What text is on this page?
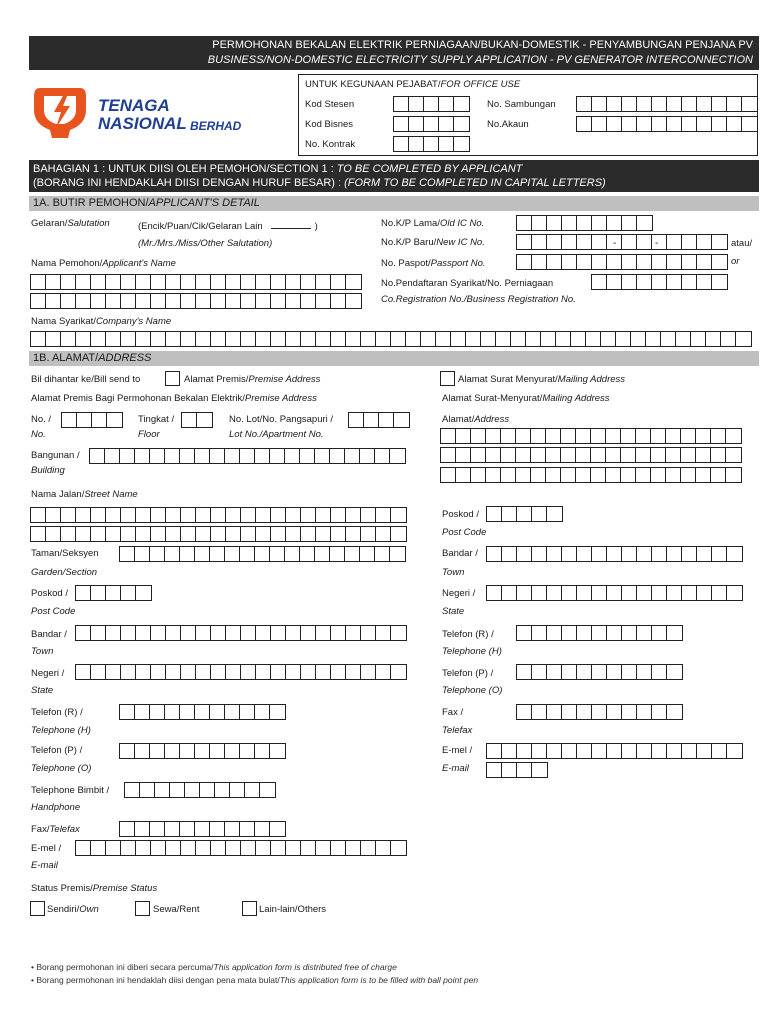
PERMOHONAN BEKALAN ELEKTRIK PERNIAGAAN/BUKAN-DOMESTIK - PENYAMBUNGAN PENJANA PV
BUSINESS/NON-DOMESTIC ELECTRICITY SUPPLY APPLICATION - PV GENERATOR INTERCONNECTION
TENAGA
NASIONAL BERHAD
UNTUK KEGUNAAN PEJABAT/FOR OFFICE USE
Kod Stesen
Kod Bisnes
No. Kontrak
No. Sambungan
No.Akaun
BAHAGIAN 1 : UNTUK DIISI OLEH PEMOHON/SECTION 1 : TO BE COMPLETED BY APPLICANT
(BORANG INI HENDAKLAH DIISI DENGAN HURUF BESAR) : (FORM TO BE COMPLETED IN CAPITAL LETTERS)
1A. BUTIR PEMOHON/APPLICANT'S DETAIL
Gelaran/Salutation	(Encik/Puan/Cik/Gelaran Lain	)
(Mr./Mrs./Miss/Other Salutation)
Nama Pemohon/Applicant's Name
No.K/P Lama/Old IC No.
No.K/P Baru/New IC No.	-	-	atau/
No. Paspot/Passport No.	or
No.Pendaftaran Syarikat/No. Perniagaan
Co.Registration No./Business Registration No.
Nama Syarikat/Company's Name
1B. ALAMAT/ADDRESS
Bil dihantar ke/Bill send to	Alamat Premis/Premise Address	Alamat Surat Menyurat/Mailing Address
Alamat Premis Bagi Permohonan Bekalan Elektrik/Premise Address	Alamat Surat-Menyurat/Mailing Address
No. /
No.
Tingkat /
Floor
No. Lot/No. Pangsapuri /
Lot No./Apartment No.
Alamat/Address
Bangunan /
Building
Nama Jalan/Street Name
Poskod /
Post Code
Taman/Seksyen
Garden/Section
Bandar /
Town
Poskod /
Post Code
Negeri /
State
Bandar /
Town
Telefon (R) /
Telephone (H)
Negeri /
State
Telefon (P) /
Telephone (O)
Telefon (R) /
Telephone (H)
Fax /
Telefax
Telefon (P) /
Telephone (O)
E-mel /
E-mail
Telephone Bimbit /
Handphone
Fax/Telefax
E-mel /
E-mail
Status Premis/Premise Status
Sendiri/Own	Sewa/Rent	Lain-lain/Others
• Borang permohonan ini diberi secara percuma/This application form is distributed free of charge
• Borang permohonan ini hendaklah diisi dengan pena mata bulat/This application form is to be filled with ball point pen
